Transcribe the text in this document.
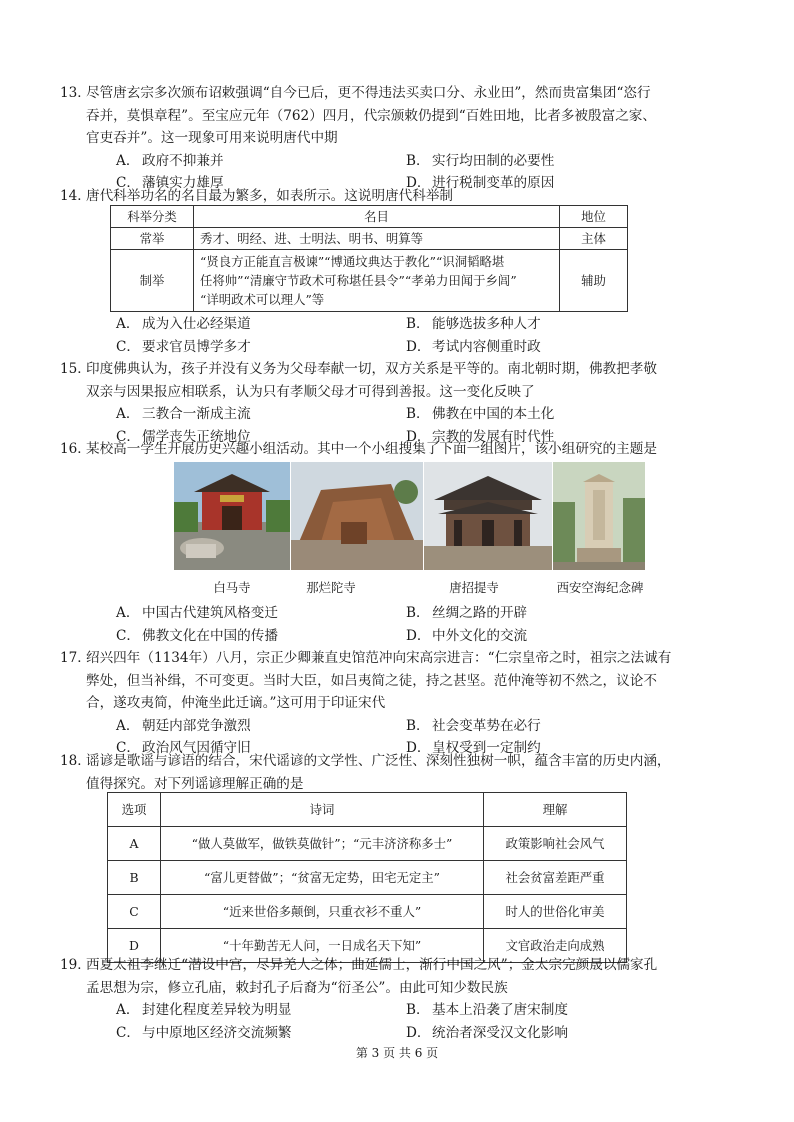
13．尽管唐玄宗多次颁布诏敕强调“自今已后，更不得违法买卖口分、永业田”，然而贵富集团“恣行
吞并，莫惧章程”。至宝应元年（762）四月，代宗颁敕仍提到“百姓田地，比者多被殷富之家、
官吏吞并”。这一现象可用来说明唐代中期
A． 政府不抑兼并	B． 实行均田制的必要性
C． 藩镇实力雄厚	D． 进行税制变革的原因
14．唐代科举功名的名目最为繁多，如表所示。这说明唐代科举制
科举分类	名目	地位
常举	秀才、明经、进、士明法、明书、明算等	主体
制举	“贤良方正能直言极谏”“博通坟典达于教化”“识洞韬略堪
任将帅”“清廉守节政术可称堪任县令”“孝弟力田闻于乡闾”
“详明政术可以理人”等	辅助
A． 成为入仕必经渠道	B． 能够选拔多种人才
C． 要求官员博学多才	D． 考试内容侧重时政
15．印度佛典认为，孩子并没有义务为父母奉献一切，双方关系是平等的。南北朝时期，佛教把孝敬
双亲与因果报应相联系，认为只有孝顺父母才可得到善报。这一变化反映了
A． 三教合一渐成主流	B． 佛教在中国的本土化
C． 儒学丧失正统地位	D． 宗教的发展有时代性
16．某校高一学生开展历史兴趣小组活动。其中一个小组搜集了下面一组图片，该小组研究的主题是
白马寺	那烂陀寺	唐招提寺	西安空海纪念碑
A． 中国古代建筑风格变迁	B． 丝绸之路的开辟
C． 佛教文化在中国的传播	D． 中外文化的交流
17．绍兴四年（1134年）八月，宗正少卿兼直史馆范冲向宋高宗进言：“仁宗皇帝之时，祖宗之法诚有
弊处，但当补缉，不可变更。当时大臣，如吕夷简之徒，持之甚坚。范仲淹等初不然之，议论不
合，遂攻夷简，仲淹坐此迁谪。”这可用于印证宋代
A． 朝廷内部党争激烈	B． 社会变革势在必行
C． 政治风气因循守旧	D． 皇权受到一定制约
18．谣谚是歌谣与谚语的结合，宋代谣谚的文学性、广泛性、深刻性独树一帜，蕴含丰富的历史内涵，
值得探究。对下列谣谚理解正确的是
选项	诗词	理解
A	“做人莫做军，做铁莫做针”；“元丰济济称多士”	政策影响社会风气
B	“富儿更替做”；“贫富无定势，田宅无定主”	社会贫富差距严重
C	“近来世俗多颠倒，只重衣衫不重人”	时人的世俗化审美
D	“十年勤苦无人问，一日成名天下知”	文官政治走向成熟
19．西夏太祖李继迁“潜设中宫，尽异羌人之体；曲延儒士，渐行中国之风”；金太宗完颜晟以儒家孔
孟思想为宗，修立孔庙，敕封孔子后裔为“衍圣公”。由此可知少数民族
A． 封建化程度差异较为明显	B． 基本上沿袭了唐宋制度
C． 与中原地区经济交流频繁	D． 统治者深受汉文化影响
第 3 页 共 6 页
